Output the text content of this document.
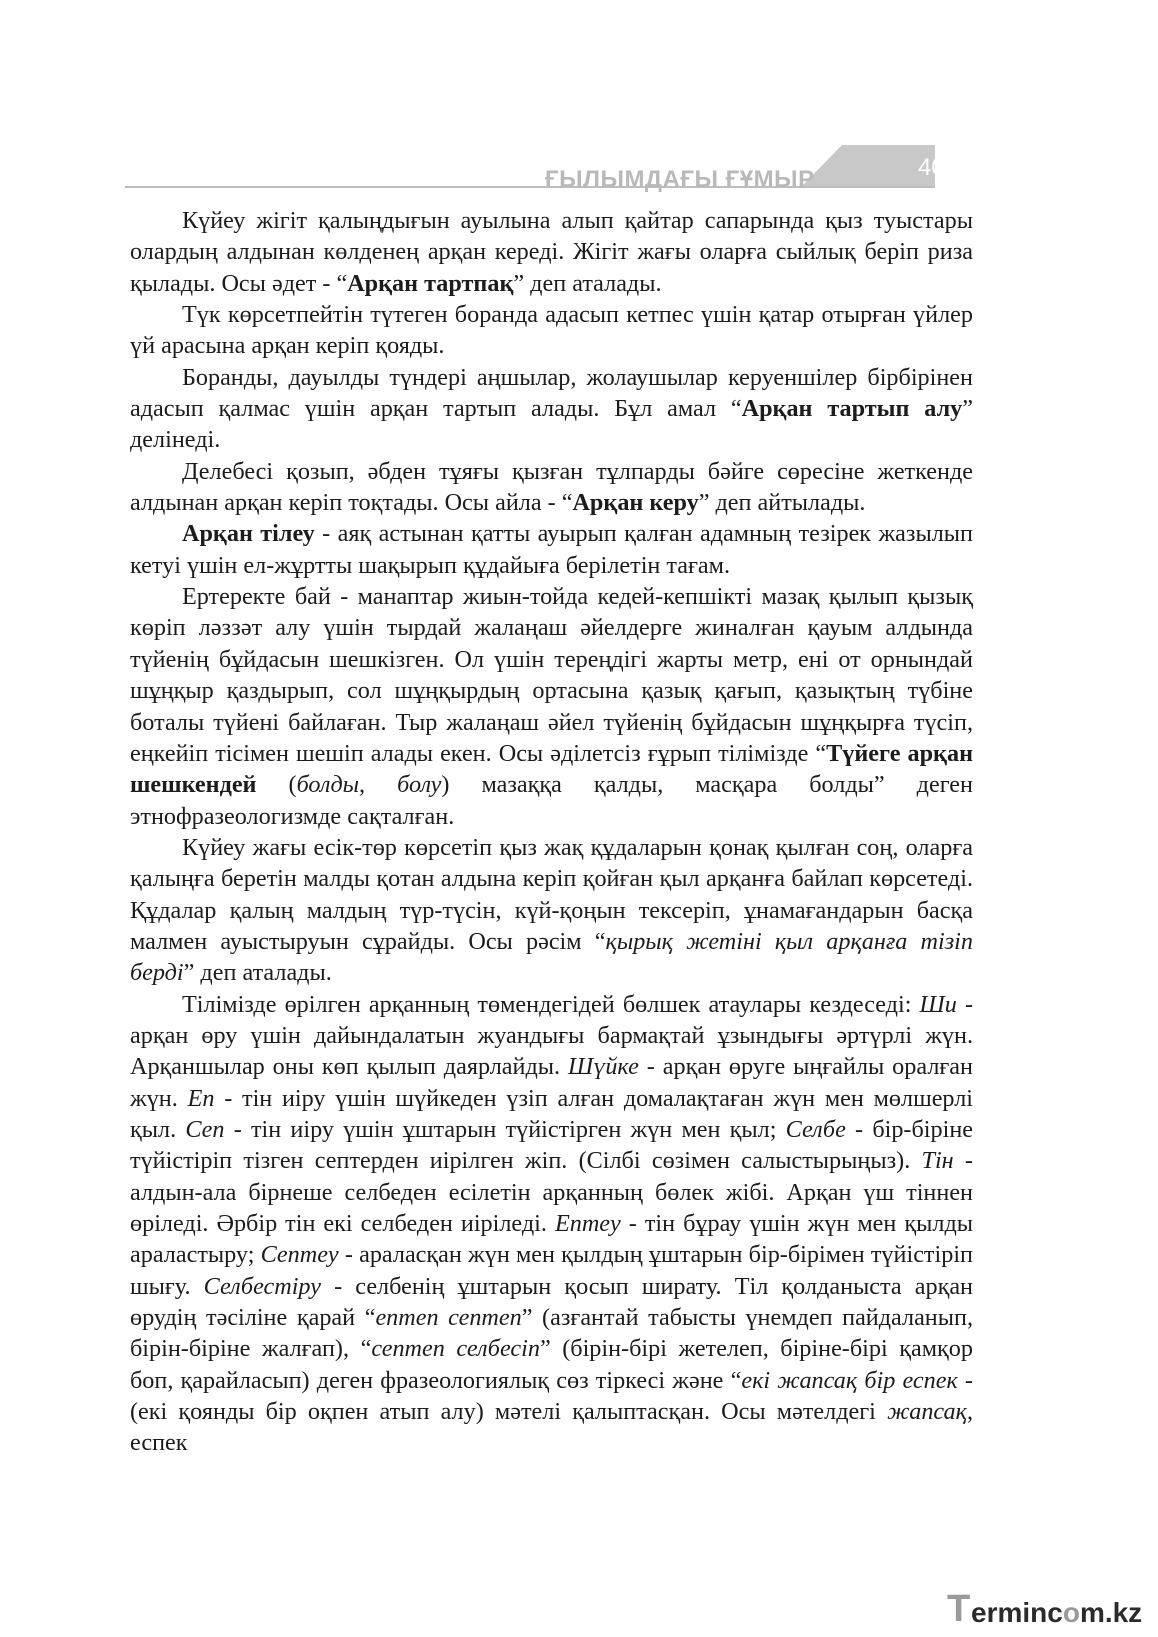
ҒЫЛЫМДАҒЫ ҒҰМЫР	405

Күйеу жігіт қалыңдығын ауылына алып қайтар сапарында қыз туыстары олардың алдынан көлденең арқан кереді. Жігіт жағы оларға сыйлық беріп риза қылады. Осы әдет - “Арқан тартпақ” деп аталады.

Түк көрсетпейтін түтеген боранда адасып кетпес үшін қатар отырған үйлер үй арасына арқан керіп қояды.

Боранды, дауылды түндері аңшылар, жолаушылар керуеншілер бірбірінен адасып қалмас үшін арқан тартып алады. Бұл амал “Арқан тартып алу” делінеді.

Делебесі қозып, әбден тұяғы қызған тұлпарды бәйге сөресіне жеткенде алдынан арқан керіп тоқтады. Осы айла - “Арқан керу” деп айтылады.

Арқан тілеу - аяқ астынан қатты ауырып қалған адамның тезірек жазылып кетуі үшін ел-жұртты шақырып құдайыға берілетін тағам.

Ертеректе бай - манаптар жиын-тойда кедей-кепшікті мазақ қылып қызық көріп ләззәт алу үшін тырдай жалаңаш әйелдерге жиналған қауым алдында түйенің бұйдасын шешкізген. Ол үшін тереңдігі жарты метр, ені от орнындай шұңқыр қаздырып, сол шұңқырдың ортасына қазық қағып, қазықтың түбіне боталы түйені байлаған. Тыр жалаңаш әйел түйенің бұйдасын шұңқырға түсіп, еңкейіп тісімен шешіп алады екен. Осы әділетсіз ғұрып тілімізде “Түйеге арқан шешкендей (болды, болу) мазаққа қалды, масқара болды” деген этнофразеологизмде сақталған.

Күйеу жағы есік-төр көрсетіп қыз жақ құдаларын қонақ қылған соң, оларға қалыңға беретін малды қотан алдына керіп қойған қыл арқанға байлап көрсетеді. Құдалар қалың малдың түр-түсін, күй-қоңын тексеріп, ұнамағандарын басқа малмен ауыстыруын сұрайды. Осы рәсім “қырық жетіні қыл арқанға тізіп берді” деп аталады.

Тілімізде өрілген арқанның төмендегідей бөлшек атаулары кездеседі: Ши - арқан өру үшін дайындалатын жуандығы бармақтай ұзындығы әртүрлі жүн. Арқаншылар оны көп қылып даярлайды. Шүйке - арқан өруге ыңғайлы оралған жүн. Еп - тін иіру үшін шүйкеден үзіп алған домалақтаған жүн мен мөлшерлі қыл. Сеп - тін иіру үшін ұштарын түйістірген жүн мен қыл; Селбе - бір-біріне түйістіріп тізген септерден иірілген жіп. (Сілбі сөзімен салыстырыңыз). Тін - алдын-ала бірнеше селбеден есілетін арқанның бөлек жібі. Арқан үш тіннен өріледі. Әрбір тін екі селбеден иіріледі. Ептеу - тін бұрау үшін жүн мен қылды араластыру; Септеу - араласқан жүн мен қылдың ұштарын бір-бірімен түйістіріп шығу. Селбестіру - селбенің ұштарын қосып ширату. Тіл қолданыста арқан өрудің тәсіліне қарай “ептеп септеп” (азғантай табысты үнемдеп пайдаланып, бірін-біріне жалғап), “септеп селбесіп” (бірін-бірі жетелеп, біріне-бірі қамқор боп, қарайласып) деген фразеологиялық сөз тіркесі және “екі жапсақ бір еспек - (екі қоянды бір оқпен атып алу) мәтелі қалыптасқан. Осы мәтелдегі жапсақ, еспек

T ermincom.kz
